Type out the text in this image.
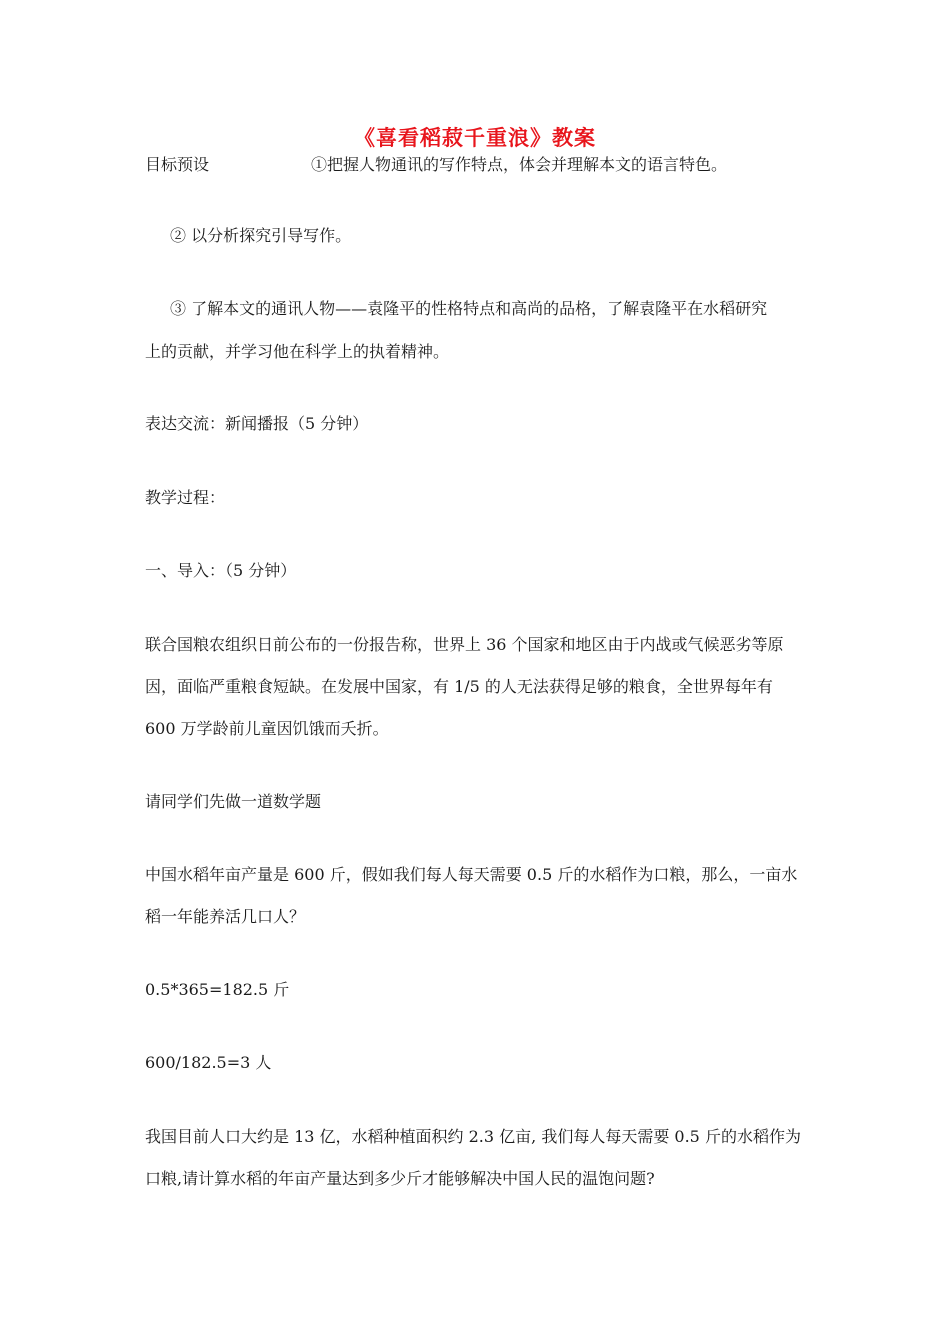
《喜看稻菽千重浪》教案
目标预设	①把握人物通讯的写作特点，体会并理解本文的语言特色。
② 以分析探究引导写作。
③ 了解本文的通讯人物——袁隆平的性格特点和高尚的品格，了解袁隆平在水稻研究
上的贡献，并学习他在科学上的执着精神。
表达交流：新闻播报（5 分钟）
教学过程：
一、导入：（5 分钟）
联合国粮农组织日前公布的一份报告称，世界上 36 个国家和地区由于内战或气候恶劣等原
因，面临严重粮食短缺。在发展中国家，有 1/5 的人无法获得足够的粮食，全世界每年有
600 万学龄前儿童因饥饿而夭折。
请同学们先做一道数学题
中国水稻年亩产量是 600 斤，假如我们每人每天需要 0.5 斤的水稻作为口粮，那么，一亩水
稻一年能养活几口人？
0.5*365=182.5 斤
600/182.5=3 人
我国目前人口大约是 13 亿，水稻种植面积约 2.3 亿亩, 我们每人每天需要 0.5 斤的水稻作为
口粮,请计算水稻的年亩产量达到多少斤才能够解决中国人民的温饱问题?
